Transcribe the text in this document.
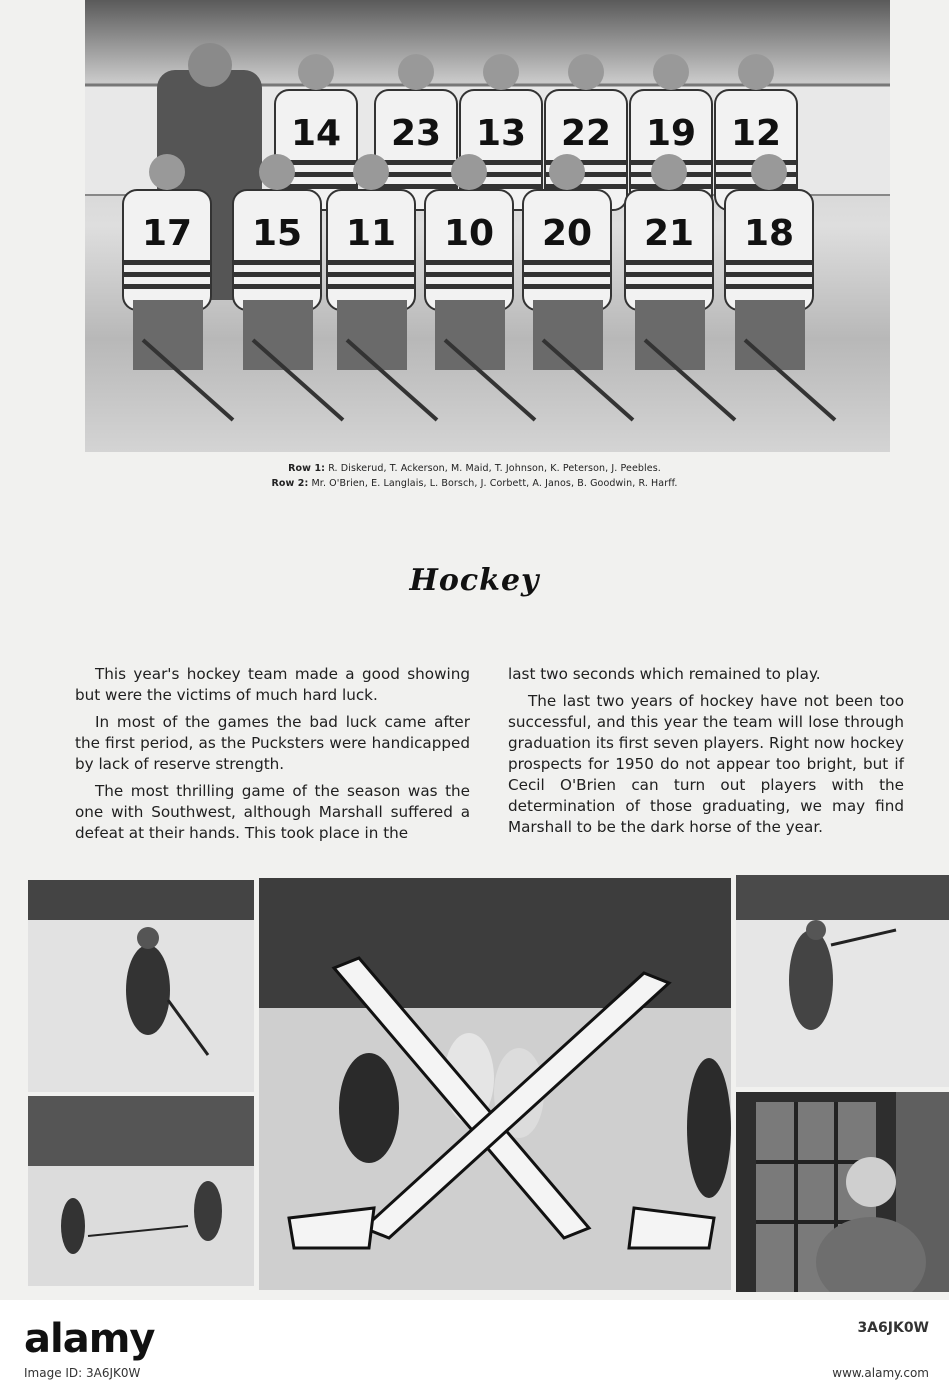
14 23 13 22 19 12
17 15 11 10 20 21 18
Row 1: R. Diskerud, T. Ackerson, M. Maid, T. Johnson, K. Peterson, J. Peebles.
Row 2: Mr. O'Brien, E. Langlais, L. Borsch, J. Corbett, A. Janos, B. Goodwin, R. Harff.
Hockey

This year's hockey team made a good showing but were the victims of much hard luck.

In most of the games the bad luck came after the first period, as the Pucksters were handicapped by lack of reserve strength.

The most thrilling game of the season was the one with Southwest, although Marshall suffered a defeat at their hands. This took place in the

last two seconds which remained to play.

The last two years of hockey have not been too successful, and this year the team will lose through graduation its first seven players. Right now hockey prospects for 1950 do not appear too bright, but if Cecil O'Brien can turn out players with the determination of those graduating, we may find Marshall to be the dark horse of the year.

alamy	3A6JK0W
Image ID: 3A6JK0W	www.alamy.com
